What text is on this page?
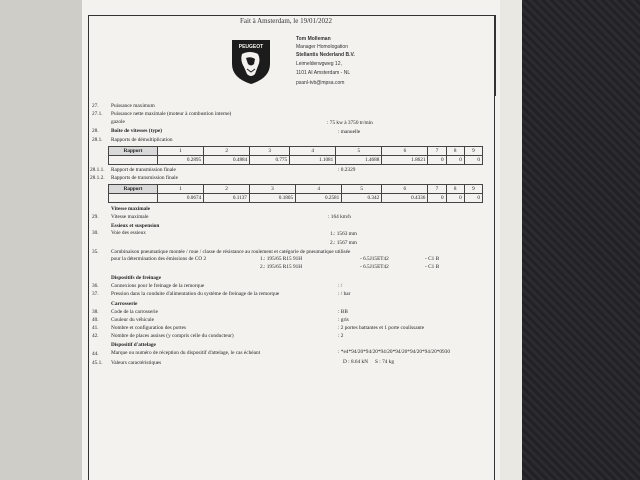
Fait à Amsterdam, le 19/01/2022
PEUGEOT
Tom Molleman
Manager Homologation
Stellantis Nederland B.V.
Leimelderwgweg 12,
1101 AI Amsterdam - NL
psanl-tvb@mpsa.com
27. Puissance maximum
27.1. Puissance nette maximale (moteur à combustion interne)
gazole	: 75 kw à 3750 tr/min
28. Boîte de vitesses (type)	: manuelle
28.1. Rapports de démultiplication
Rapport	1	2	3	4	5	6	7	8	9
	0.2895	0.4884	0.775	1.1081	1.4688	1.8621	0	0	0
28.1.1. Rapport de transmission finale	: 0.2329
28.1.2. Rapports de transmission finale
Rapport	1	2	3	4	5	6	7	8	9
	0.0674	0.1137	0.1805	0.2581	0.342	0.4336	0	0	0
Vitesse maximale
29. Vitesse maximale	: 164 km/h
Essieux et suspension
30. Voie des essieux	1.: 1563 mm
2.: 1567 mm
35. Combinaison pneumatique montée / roue / classe de résistance au roulement et catégorie de pneumatique utilisée
pour la détermination des émissions de CO 2	1.: 195/65 R15 91H	- 6.5J15ET42	- C1 B
2.: 195/65 R15 91H	- 6.5J15ET42	- C1 B
Dispositifs de freinage
36. Connexions pour le freinage de la remorque	: /
37. Pression dans la conduite d'alimentation du système de freinage de la remorque	: / bar
Carrosserie
38. Code de la carrosserie	: BB
40. Couleur du véhicule	: gris
41. Nombre et configuration des portes	: 2 portes battantes et 1 porte coulissante
42. Nombre de places assises (y compris celle du conducteur)	: 2
Dispositif d'attelage
44. Marque ou numéro de réception du dispositif d'attelage, le cas échéant	: *e4*94/20*94/20*94/20*94/20*94/20*94/20*0930
45.1. Valeurs caractéristiques	D : 8.64 kN S : 74 kg
